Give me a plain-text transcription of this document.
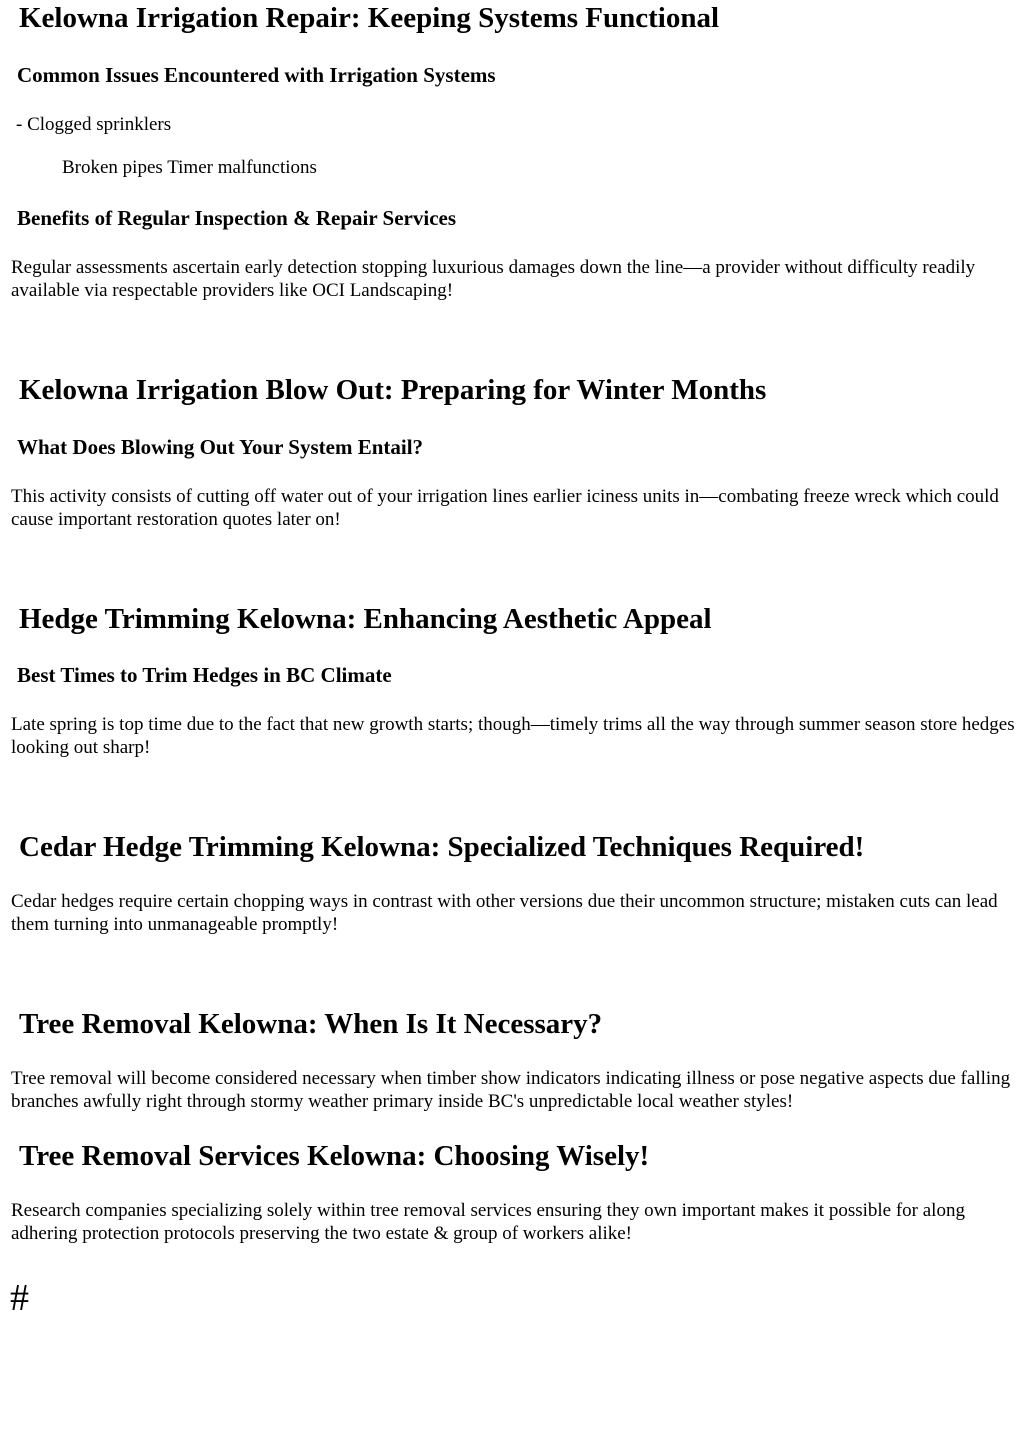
Kelowna Irrigation Repair: Keeping Systems Functional
Common Issues Encountered with Irrigation Systems
- Clogged sprinklers
Broken pipes Timer malfunctions
Benefits of Regular Inspection & Repair Services

Regular assessments ascertain early detection stopping luxurious damages down the line—a provider without difficulty readily available via respectable providers like OCI Landscaping!

Kelowna Irrigation Blow Out: Preparing for Winter Months
What Does Blowing Out Your System Entail?

This activity consists of cutting off water out of your irrigation lines earlier iciness units in—combating freeze wreck which could cause important restoration quotes later on!

Hedge Trimming Kelowna: Enhancing Aesthetic Appeal
Best Times to Trim Hedges in BC Climate

Late spring is top time due to the fact that new growth starts; though—timely trims all the way through summer season store hedges looking out sharp!

Cedar Hedge Trimming Kelowna: Specialized Techniques Required!

Cedar hedges require certain chopping ways in contrast with other versions due their uncommon structure; mistaken cuts can lead them turning into unmanageable promptly!

Tree Removal Kelowna: When Is It Necessary?

Tree removal will become considered necessary when timber show indicators indicating illness or pose negative aspects due falling branches awfully right through stormy weather primary inside BC's unpredictable local weather styles!

Tree Removal Services Kelowna: Choosing Wisely!

Research companies specializing solely within tree removal services ensuring they own important makes it possible for along adhering protection protocols preserving the two estate & group of workers alike!

#
